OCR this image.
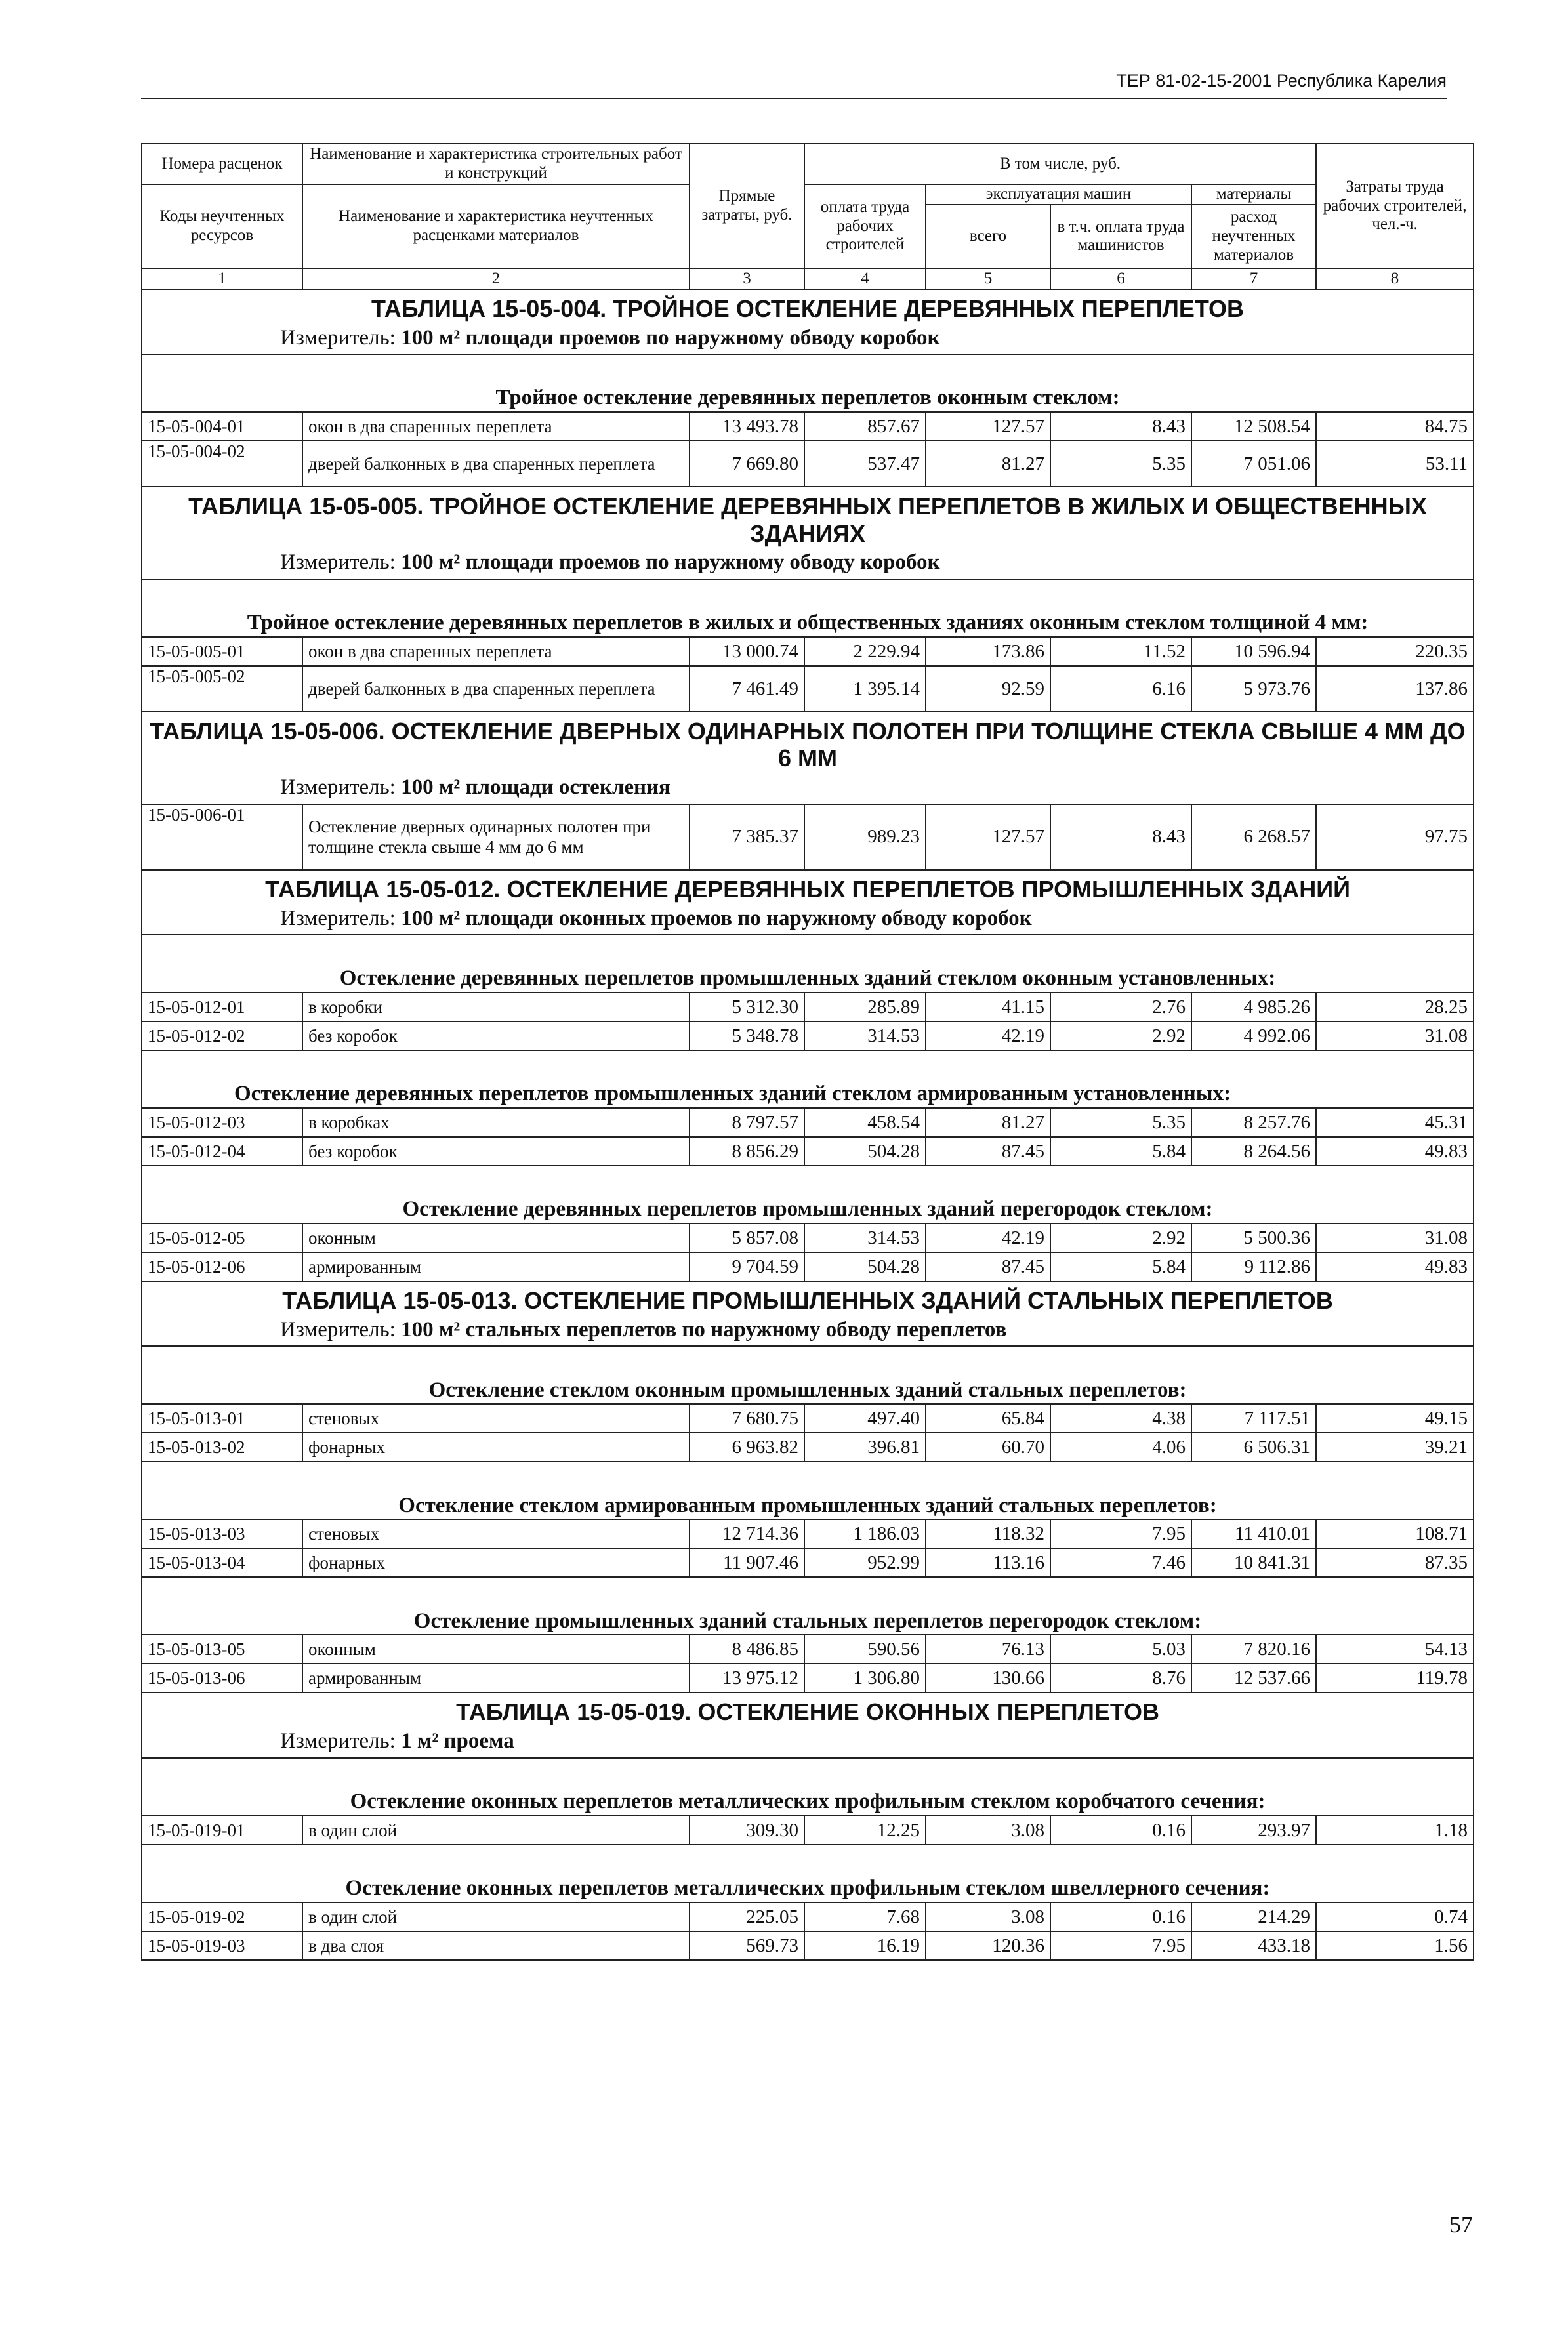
ТЕР 81-02-15-2001 Республика Карелия
Номера расценок	Наименование и характеристика строительных работ и конструкций	Прямые затраты, руб.	В том числе, руб.				Затраты труда рабочих строителей, чел.-ч.
Коды неучтенных ресурсов	Наименование и характеристика неучтенных расценками материалов		оплата труда рабочих строителей	эксплуатация машин		материалы	
				всего	в т.ч. оплата труда машинистов	расход неучтенных материалов	
1	2	3	4	5	6	7	8
ТАБЛИЦА 15-05-004. ТРОЙНОЕ ОСТЕКЛЕНИЕ ДЕРЕВЯННЫХ ПЕРЕПЛЕТОВ							
Измеритель: 100 м² площади проемов по наружному обводу коробок							
Тройное остекление деревянных переплетов оконным стеклом:							
15-05-004-01	окон в два спаренных переплета	13 493.78	857.67	127.57	8.43	12 508.54	84.75
15-05-004-02	дверей балконных в два спаренных переплета	7 669.80	537.47	81.27	5.35	7 051.06	53.11
ТАБЛИЦА 15-05-005. ТРОЙНОЕ ОСТЕКЛЕНИЕ ДЕРЕВЯННЫХ ПЕРЕПЛЕТОВ В ЖИЛЫХ И ОБЩЕСТВЕННЫХ ЗДАНИЯХ							
Измеритель: 100 м² площади проемов по наружному обводу коробок							
Тройное остекление деревянных переплетов в жилых и общественных зданиях оконным стеклом толщиной 4 мм:							
15-05-005-01	окон в два спаренных переплета	13 000.74	2 229.94	173.86	11.52	10 596.94	220.35
15-05-005-02	дверей балконных в два спаренных переплета	7 461.49	1 395.14	92.59	6.16	5 973.76	137.86
ТАБЛИЦА 15-05-006. ОСТЕКЛЕНИЕ ДВЕРНЫХ ОДИНАРНЫХ ПОЛОТЕН ПРИ ТОЛЩИНЕ СТЕКЛА СВЫШЕ 4 ММ ДО 6 ММ							
Измеритель: 100 м² площади остекления							
15-05-006-01	Остекление дверных одинарных полотен при толщине стекла свыше 4 мм до 6 мм	7 385.37	989.23	127.57	8.43	6 268.57	97.75
ТАБЛИЦА 15-05-012. ОСТЕКЛЕНИЕ ДЕРЕВЯННЫХ ПЕРЕПЛЕТОВ ПРОМЫШЛЕННЫХ ЗДАНИЙ							
Измеритель: 100 м² площади оконных проемов по наружному обводу коробок							
Остекление деревянных переплетов промышленных зданий стеклом оконным установленных:							
15-05-012-01	в коробки	5 312.30	285.89	41.15	2.76	4 985.26	28.25
15-05-012-02	без коробок	5 348.78	314.53	42.19	2.92	4 992.06	31.08
Остекление деревянных переплетов промышленных зданий стеклом армированным установленных:							
15-05-012-03	в коробках	8 797.57	458.54	81.27	5.35	8 257.76	45.31
15-05-012-04	без коробок	8 856.29	504.28	87.45	5.84	8 264.56	49.83
Остекление деревянных переплетов промышленных зданий перегородок стеклом:							
15-05-012-05	оконным	5 857.08	314.53	42.19	2.92	5 500.36	31.08
15-05-012-06	армированным	9 704.59	504.28	87.45	5.84	9 112.86	49.83
ТАБЛИЦА 15-05-013. ОСТЕКЛЕНИЕ ПРОМЫШЛЕННЫХ ЗДАНИЙ СТАЛЬНЫХ ПЕРЕПЛЕТОВ							
Измеритель: 100 м² стальных переплетов по наружному обводу переплетов							
Остекление стеклом оконным промышленных зданий стальных переплетов:							
15-05-013-01	стеновых	7 680.75	497.40	65.84	4.38	7 117.51	49.15
15-05-013-02	фонарных	6 963.82	396.81	60.70	4.06	6 506.31	39.21
Остекление стеклом армированным промышленных зданий стальных переплетов:							
15-05-013-03	стеновых	12 714.36	1 186.03	118.32	7.95	11 410.01	108.71
15-05-013-04	фонарных	11 907.46	952.99	113.16	7.46	10 841.31	87.35
Остекление промышленных зданий стальных переплетов перегородок стеклом:							
15-05-013-05	оконным	8 486.85	590.56	76.13	5.03	7 820.16	54.13
15-05-013-06	армированным	13 975.12	1 306.80	130.66	8.76	12 537.66	119.78
ТАБЛИЦА 15-05-019. ОСТЕКЛЕНИЕ ОКОННЫХ ПЕРЕПЛЕТОВ							
Измеритель: 1 м² проема							
Остекление оконных переплетов металлических профильным стеклом коробчатого сечения:							
15-05-019-01	в один слой	309.30	12.25	3.08	0.16	293.97	1.18
Остекление оконных переплетов металлических профильным стеклом швеллерного сечения:							
15-05-019-02	в один слой	225.05	7.68	3.08	0.16	214.29	0.74
15-05-019-03	в два слоя	569.73	16.19	120.36	7.95	433.18	1.56
57
